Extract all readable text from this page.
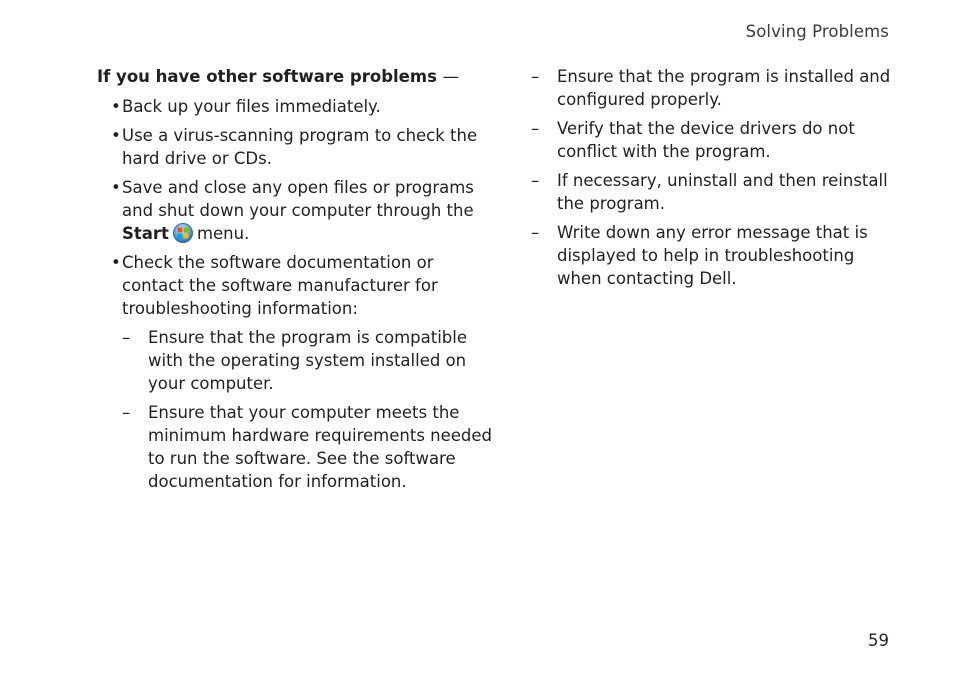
Solving Problems

If you have other software problems —

• Back up your files immediately.
• Use a virus-scanning program to check the hard drive or CDs.
• Save and close any open files or programs and shut down your computer through the Start menu.
• Check the software documentation or contact the software manufacturer for troubleshooting information:
– Ensure that the program is compatible with the operating system installed on your computer.
– Ensure that your computer meets the minimum hardware requirements needed to run the software. See the software documentation for information.
– Ensure that the program is installed and configured properly.
– Verify that the device drivers do not conflict with the program.
– If necessary, uninstall and then reinstall the program.
– Write down any error message that is displayed to help in troubleshooting when contacting Dell.
59
